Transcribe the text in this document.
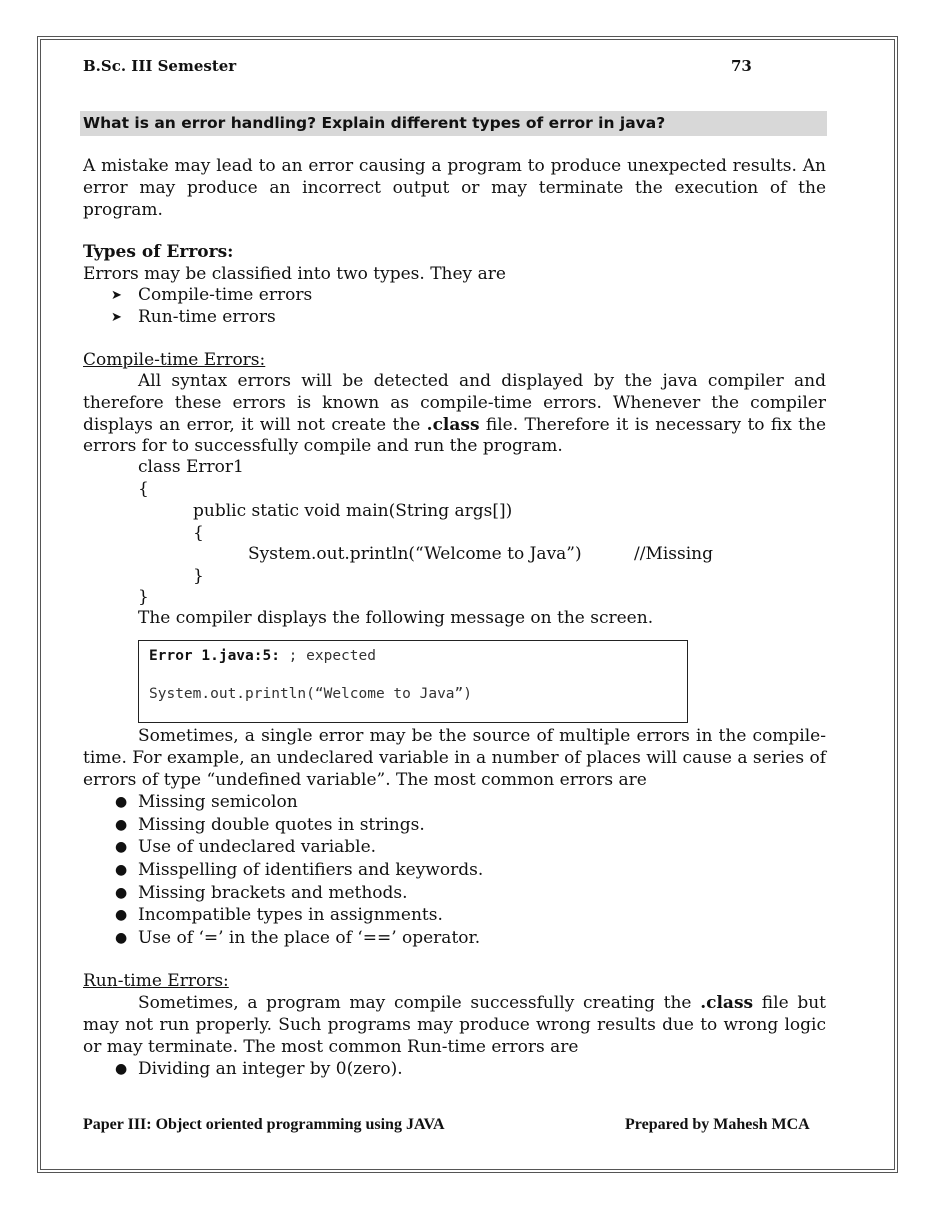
B.Sc. III Semester	73
What is an error handling? Explain different types of error in java?
A mistake may lead to an error causing a program to produce unexpected results. An error may produce an incorrect output or may terminate the execution of the program.
Types of Errors:
Errors may be classified into two types. They are
➤ Compile-time errors
➤ Run-time errors
Compile-time Errors:
All syntax errors will be detected and displayed by the java compiler and therefore these errors is known as compile-time errors. Whenever the compiler displays an error, it will not create the .class file. Therefore it is necessary to fix the errors for to successfully compile and run the program.
class Error1
{
public static void main(String args[])
{
System.out.println(“Welcome to Java”)	//Missing
}
}
The compiler displays the following message on the screen.
Error 1.java:5: ; expected
System.out.println(“Welcome to Java”)
Sometimes, a single error may be the source of multiple errors in the compile-time. For example, an undeclared variable in a number of places will cause a series of errors of type “undefined variable”. The most common errors are
● Missing semicolon
● Missing double quotes in strings.
● Use of undeclared variable.
● Misspelling of identifiers and keywords.
● Missing brackets and methods.
● Incompatible types in assignments.
● Use of ‘=’ in the place of ‘==’ operator.
Run-time Errors:
Sometimes, a program may compile successfully creating the .class file but may not run properly. Such programs may produce wrong results due to wrong logic or may terminate. The most common Run-time errors are
● Dividing an integer by 0(zero).
Paper III: Object oriented programming using JAVA	Prepared by Mahesh MCA
